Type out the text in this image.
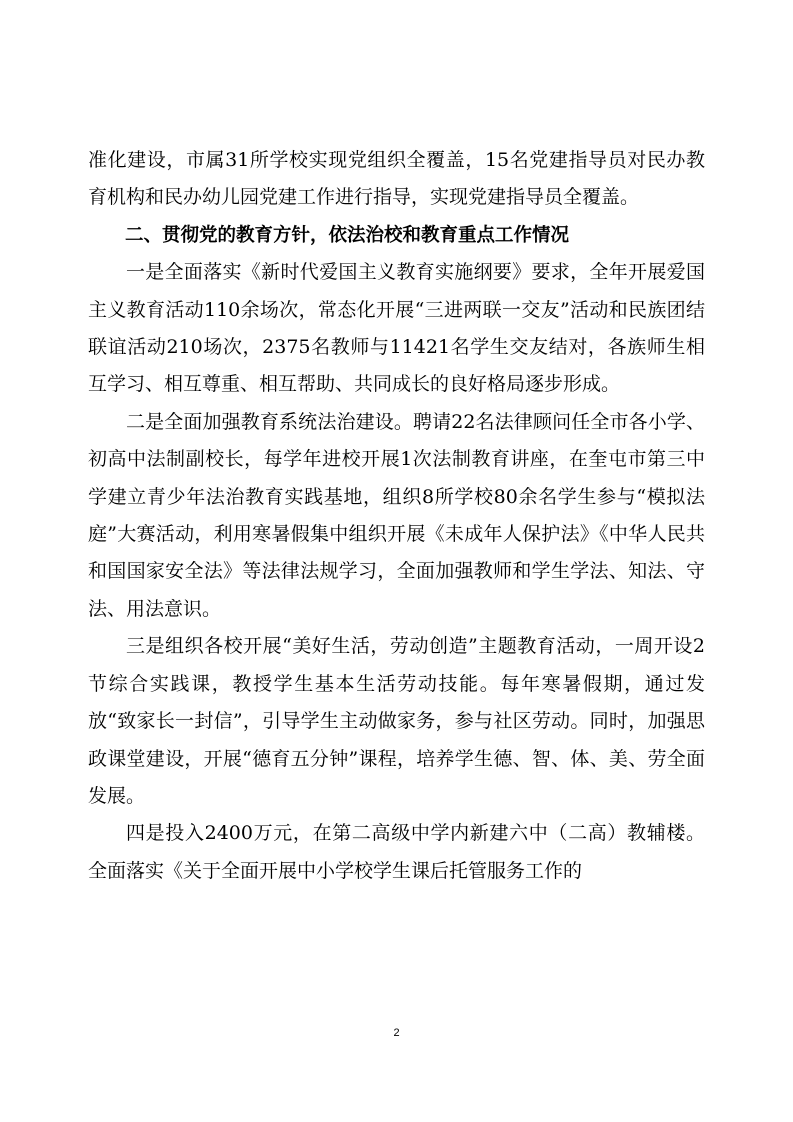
准化建设，市属31所学校实现党组织全覆盖，15名党建指导员对民办教育机构和民办幼儿园党建工作进行指导，实现党建指导员全覆盖。

二、贯彻党的教育方针，依法治校和教育重点工作情况

一是全面落实《新时代爱国主义教育实施纲要》要求，全年开展爱国主义教育活动110余场次，常态化开展“三进两联一交友”活动和民族团结联谊活动210场次，2375名教师与11421名学生交友结对，各族师生相互学习、相互尊重、相互帮助、共同成长的良好格局逐步形成。

二是全面加强教育系统法治建设。聘请22名法律顾问任全市各小学、初高中法制副校长，每学年进校开展1次法制教育讲座，在奎屯市第三中学建立青少年法治教育实践基地，组织8所学校80余名学生参与“模拟法庭”大赛活动，利用寒暑假集中组织开展《未成年人保护法》《中华人民共和国国家安全法》等法律法规学习，全面加强教师和学生学法、知法、守法、用法意识。

三是组织各校开展“美好生活，劳动创造”主题教育活动，一周开设2节综合实践课，教授学生基本生活劳动技能。每年寒暑假期，通过发放“致家长一封信”，引导学生主动做家务，参与社区劳动。同时，加强思政课堂建设，开展“德育五分钟”课程，培养学生德、智、体、美、劳全面发展。

四是投入2400万元，在第二高级中学内新建六中（二高）教辅楼。全面落实《关于全面开展中小学校学生课后托管服务工作的

2
